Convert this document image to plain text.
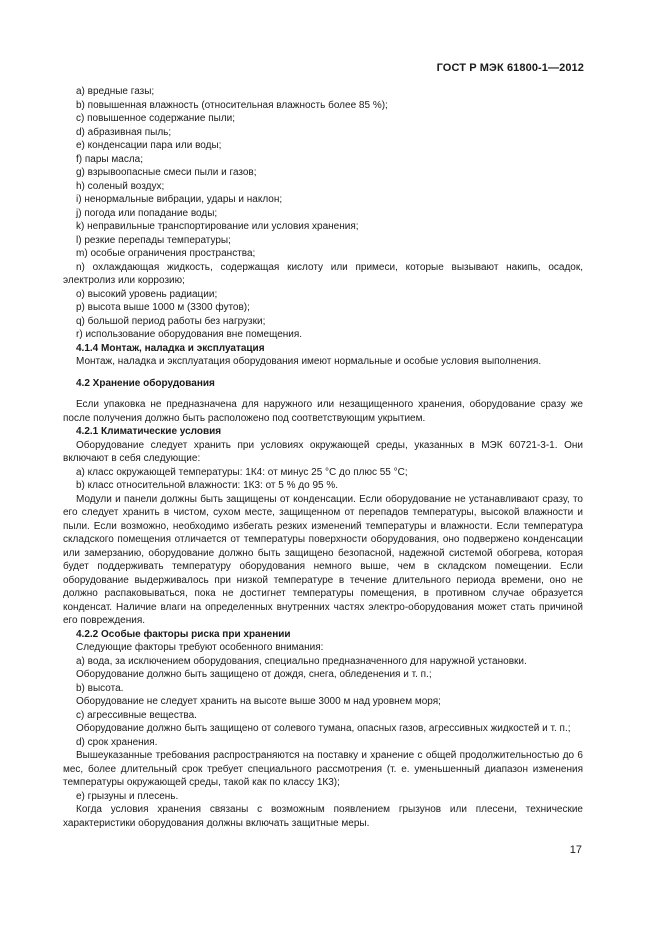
ГОСТ Р МЭК 61800-1—2012

a) вредные газы;

b) повышенная влажность (относительная влажность более 85 %);

c) повышенное содержание пыли;

d) абразивная пыль;

e) конденсации пара или воды;

f) пары масла;

g) взрывоопасные смеси пыли и газов;

h) соленый воздух;

i) ненормальные вибрации, удары и наклон;

j) погода или попадание воды;

k) неправильные транспортирование или условия хранения;

l) резкие перепады температуры;

m) особые ограничения пространства;

n) охлаждающая жидкость, содержащая кислоту или примеси, которые вызывают накипь, осадок, электролиз или коррозию;

o) высокий уровень радиации;

p) высота выше 1000 м (3300 футов);

q) большой период работы без нагрузки;

r) использование оборудования вне помещения.

4.1.4 Монтаж, наладка и эксплуатация

Монтаж, наладка и эксплуатация оборудования имеют нормальные и особые условия выполнения.

4.2 Хранение оборудования

Если упаковка не предназначена для наружного или незащищенного хранения, оборудование сразу же после получения должно быть расположено под соответствующим укрытием.

4.2.1 Климатические условия

Оборудование следует хранить при условиях окружающей среды, указанных в МЭК 60721-3-1. Они включают в себя следующие:

a) класс окружающей температуры: 1К4: от минус 25 °С до плюс 55 °С;

b) класс относительной влажности: 1К3: от 5 % до 95 %.

Модули и панели должны быть защищены от конденсации. Если оборудование не устанавливают сразу, то его следует хранить в чистом, сухом месте, защищенном от перепадов температуры, высокой влажности и пыли. Если возможно, необходимо избегать резких изменений температуры и влажности. Если температура складского помещения отличается от температуры поверхности оборудования, оно подвержено конденсации или замерзанию, оборудование должно быть защищено безопасной, надежной системой обогрева, которая будет поддерживать температуру оборудования немного выше, чем в складском помещении. Если оборудование выдерживалось при низкой температуре в течение длительного периода времени, оно не должно распаковываться, пока не достигнет температуры помещения, в противном случае образуется конденсат. Наличие влаги на определенных внутренних частях электро-оборудования может стать причиной его повреждения.

4.2.2 Особые факторы риска при хранении

Следующие факторы требуют особенного внимания:

a) вода, за исключением оборудования, специально предназначенного для наружной установки.

Оборудование должно быть защищено от дождя, снега, обледенения и т. п.;

b) высота.

Оборудование не следует хранить на высоте выше 3000 м над уровнем моря;

c) агрессивные вещества.

Оборудование должно быть защищено от солевого тумана, опасных газов, агрессивных жидкостей и т. п.;

d) срок хранения.

Вышеуказанные требования распространяются на поставку и хранение с общей продолжительностью до 6 мес, более длительный срок требует специального рассмотрения (т. е. уменьшенный диапазон изменения температуры окружающей среды, такой как по классу 1К3);

e) грызуны и плесень.

Когда условия хранения связаны с возможным появлением грызунов или плесени, технические характеристики оборудования должны включать защитные меры.

17
